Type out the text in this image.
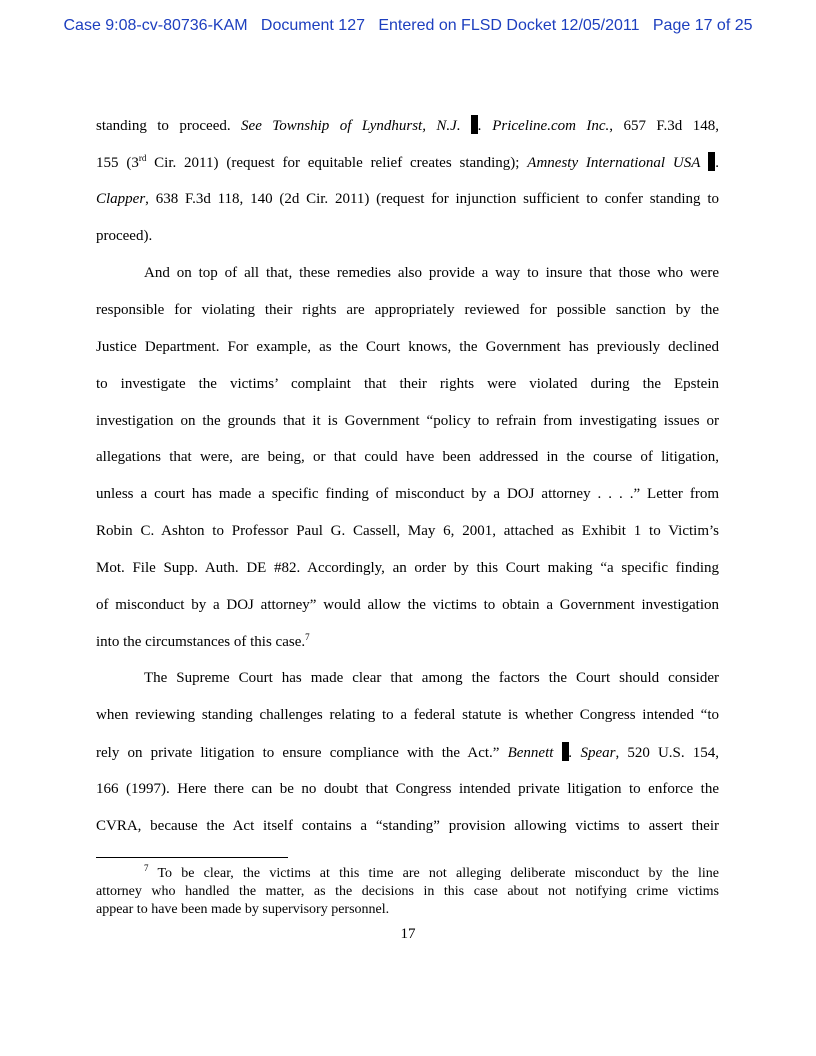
Case 9:08-cv-80736-KAM Document 127 Entered on FLSD Docket 12/05/2011 Page 17 of 25
standing to proceed. See Township of Lyndhurst, N.J. . Priceline.com Inc., 657 F.3d 148,
155 (3rd Cir. 2011) (request for equitable relief creates standing); Amnesty International USA .
Clapper, 638 F.3d 118, 140 (2d Cir. 2011) (request for injunction sufficient to confer standing to
proceed).
And on top of all that, these remedies also provide a way to insure that those who were
responsible for violating their rights are appropriately reviewed for possible sanction by the
Justice Department. For example, as the Court knows, the Government has previously declined
to investigate the victims’ complaint that their rights were violated during the Epstein
investigation on the grounds that it is Government “policy to refrain from investigating issues or
allegations that were, are being, or that could have been addressed in the course of litigation,
unless a court has made a specific finding of misconduct by a DOJ attorney . . . .” Letter from
Robin C. Ashton to Professor Paul G. Cassell, May 6, 2001, attached as Exhibit 1 to Victim’s
Mot. File Supp. Auth. DE #82. Accordingly, an order by this Court making “a specific finding
of misconduct by a DOJ attorney” would allow the victims to obtain a Government investigation
into the circumstances of this case.$^7$
The Supreme Court has made clear that among the factors the Court should consider
when reviewing standing challenges relating to a federal statute is whether Congress intended “to
rely on private litigation to ensure compliance with the Act.” Bennett . Spear, 520 U.S. 154,
166 (1997). Here there can be no doubt that Congress intended private litigation to enforce the
CVRA, because the Act itself contains a “standing” provision allowing victims to assert their
$^7$ To be clear, the victims at this time are not alleging deliberate misconduct by the line
attorney who handled the matter, as the decisions in this case about not notifying crime victims
appear to have been made by supervisory personnel.
17
